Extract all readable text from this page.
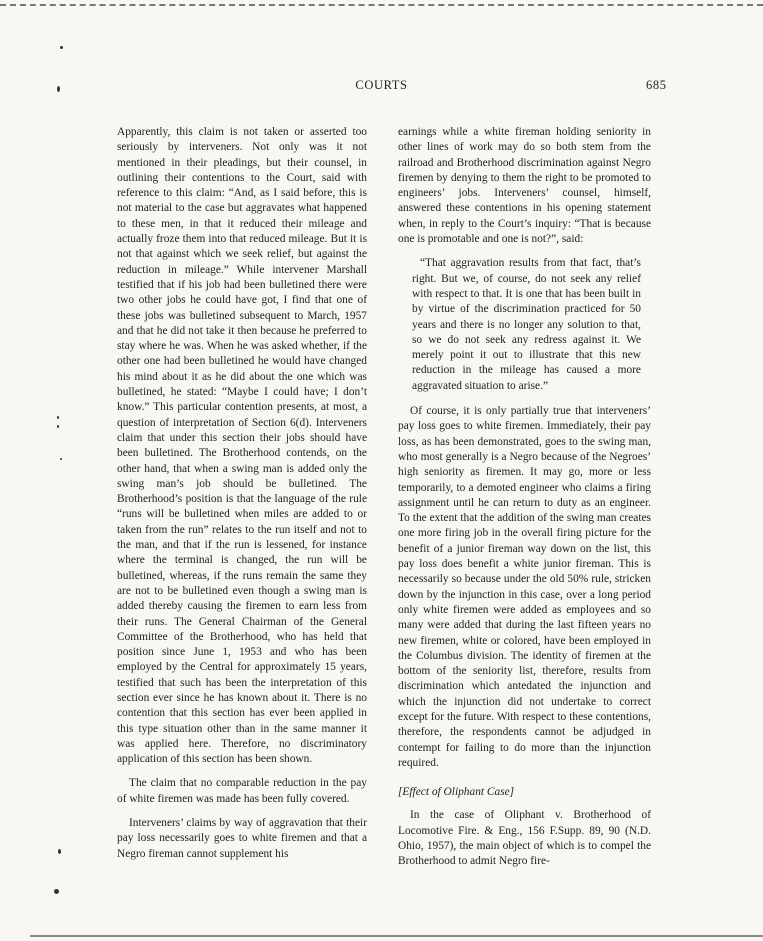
COURTS	685

Apparently, this claim is not taken or asserted too seriously by interveners. Not only was it not mentioned in their pleadings, but their counsel, in outlining their contentions to the Court, said with reference to this claim: “And, as I said before, this is not material to the case but aggravates what happened to these men, in that it reduced their mileage and actually froze them into that reduced mileage. But it is not that against which we seek relief, but against the reduction in mileage.” While intervener Marshall testified that if his job had been bulletined there were two other jobs he could have got, I find that one of these jobs was bulletined subsequent to March, 1957 and that he did not take it then because he preferred to stay where he was. When he was asked whether, if the other one had been bulletined he would have changed his mind about it as he did about the one which was bulletined, he stated: “Maybe I could have; I don’t know.” This particular contention presents, at most, a question of interpretation of Section 6(d). Interveners claim that under this section their jobs should have been bulletined. The Brotherhood contends, on the other hand, that when a swing man is added only the swing man’s job should be bulletined. The Brotherhood’s position is that the language of the rule “runs will be bulletined when miles are added to or taken from the run” relates to the run itself and not to the man, and that if the run is lessened, for instance where the terminal is changed, the run will be bulletined, whereas, if the runs remain the same they are not to be bulletined even though a swing man is added thereby causing the firemen to earn less from their runs. The General Chairman of the General Committee of the Brotherhood, who has held that position since June 1, 1953 and who has been employed by the Central for approximately 15 years, testified that such has been the interpretation of this section ever since he has known about it. There is no contention that this section has ever been applied in this type situation other than in the same manner it was applied here. Therefore, no discriminatory application of this section has been shown.

The claim that no comparable reduction in the pay of white firemen was made has been fully covered.

Interveners’ claims by way of aggravation that their pay loss necessarily goes to white firemen and that a Negro fireman cannot supplement his

earnings while a white fireman holding seniority in other lines of work may do so both stem from the railroad and Brotherhood discrimination against Negro firemen by denying to them the right to be promoted to engineers’ jobs. Interveners’ counsel, himself, answered these contentions in his opening statement when, in reply to the Court’s inquiry: “That is because one is promotable and one is not?”, said:

“That aggravation results from that fact, that’s right. But we, of course, do not seek any relief with respect to that. It is one that has been built in by virtue of the discrimination practiced for 50 years and there is no longer any solution to that, so we do not seek any redress against it. We merely point it out to illustrate that this new reduction in the mileage has caused a more aggravated situation to arise.”

Of course, it is only partially true that interveners’ pay loss goes to white firemen. Immediately, their pay loss, as has been demonstrated, goes to the swing man, who most generally is a Negro because of the Negroes’ high seniority as firemen. It may go, more or less temporarily, to a demoted engineer who claims a firing assignment until he can return to duty as an engineer. To the extent that the addition of the swing man creates one more firing job in the overall firing picture for the benefit of a junior fireman way down on the list, this pay loss does benefit a white junior fireman. This is necessarily so because under the old 50% rule, stricken down by the injunction in this case, over a long period only white firemen were added as employees and so many were added that during the last fifteen years no new firemen, white or colored, have been employed in the Columbus division. The identity of firemen at the bottom of the seniority list, therefore, results from discrimination which antedated the injunction and which the injunction did not undertake to correct except for the future. With respect to these contentions, therefore, the respondents cannot be adjudged in contempt for failing to do more than the injunction required.

[Effect of Oliphant Case]

In the case of Oliphant v. Brotherhood of Locomotive Fire. & Eng., 156 F.Supp. 89, 90 (N.D. Ohio, 1957), the main object of which is to compel the Brotherhood to admit Negro fire-
